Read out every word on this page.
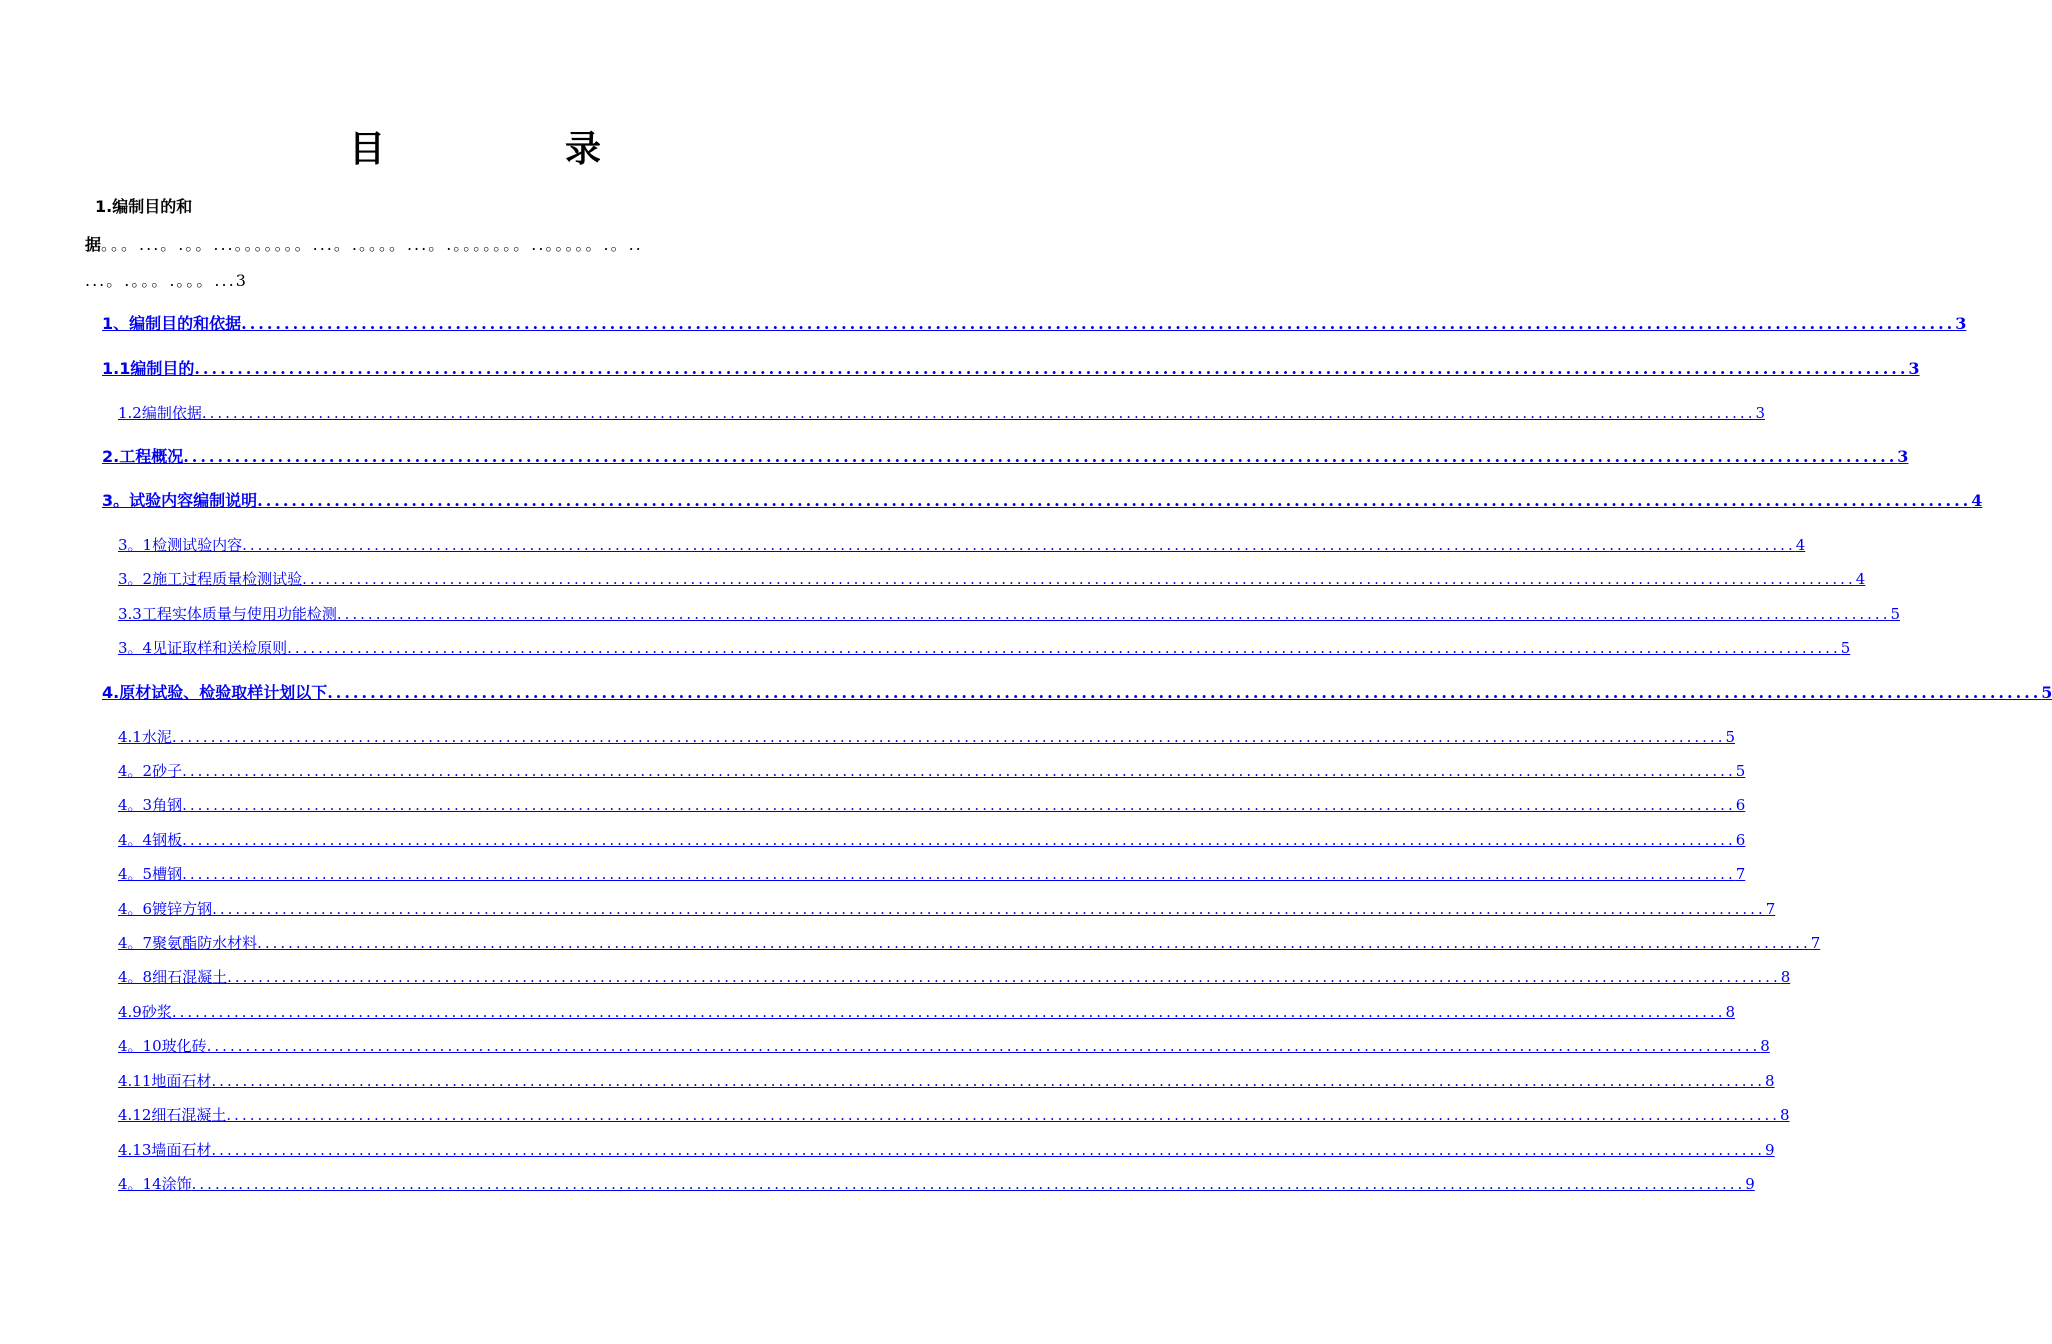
目　录
1.编制目的和
据。。。...。.。。...。。。。。。。...。.。。。。...。.。。。。。。。..。。。。。.。..
...。.。。。.。。。...3
1、编制目的和依据 ........................................................................................................................................................................................................ 3
1.1编制目的 ........................................................................................................................................................................................................ 3
1.2编制依据 ........................................................................................................................................................................................................ 3
2.工程概况 ........................................................................................................................................................................................................ 3
3。试验内容编制说明 ........................................................................................................................................................................................................ 4
3。1检测试验内容 ........................................................................................................................................................................................................ 4
3。2施工过程质量检测试验 ........................................................................................................................................................................................................ 4
3.3工程实体质量与使用功能检测 ........................................................................................................................................................................................................ 5
3。4见证取样和送检原则 ........................................................................................................................................................................................................ 5
4.原材试验、检验取样计划以下 ........................................................................................................................................................................................................ 5
4.1水泥 ........................................................................................................................................................................................................ 5
4。2砂子 ........................................................................................................................................................................................................ 5
4。3角钢 ........................................................................................................................................................................................................ 6
4。4钢板 ........................................................................................................................................................................................................ 6
4。5槽钢 ........................................................................................................................................................................................................ 7
4。6镀锌方钢 ........................................................................................................................................................................................................ 7
4。7聚氨酯防水材料 ........................................................................................................................................................................................................ 7
4。8细石混凝土 ........................................................................................................................................................................................................ 8
4.9砂浆 ........................................................................................................................................................................................................ 8
4。10玻化砖 ........................................................................................................................................................................................................ 8
4.11地面石材 ........................................................................................................................................................................................................ 8
4.12细石混凝土 ........................................................................................................................................................................................................ 8
4.13墙面石材 ........................................................................................................................................................................................................ 9
4。14涂饰 ........................................................................................................................................................................................................ 9
